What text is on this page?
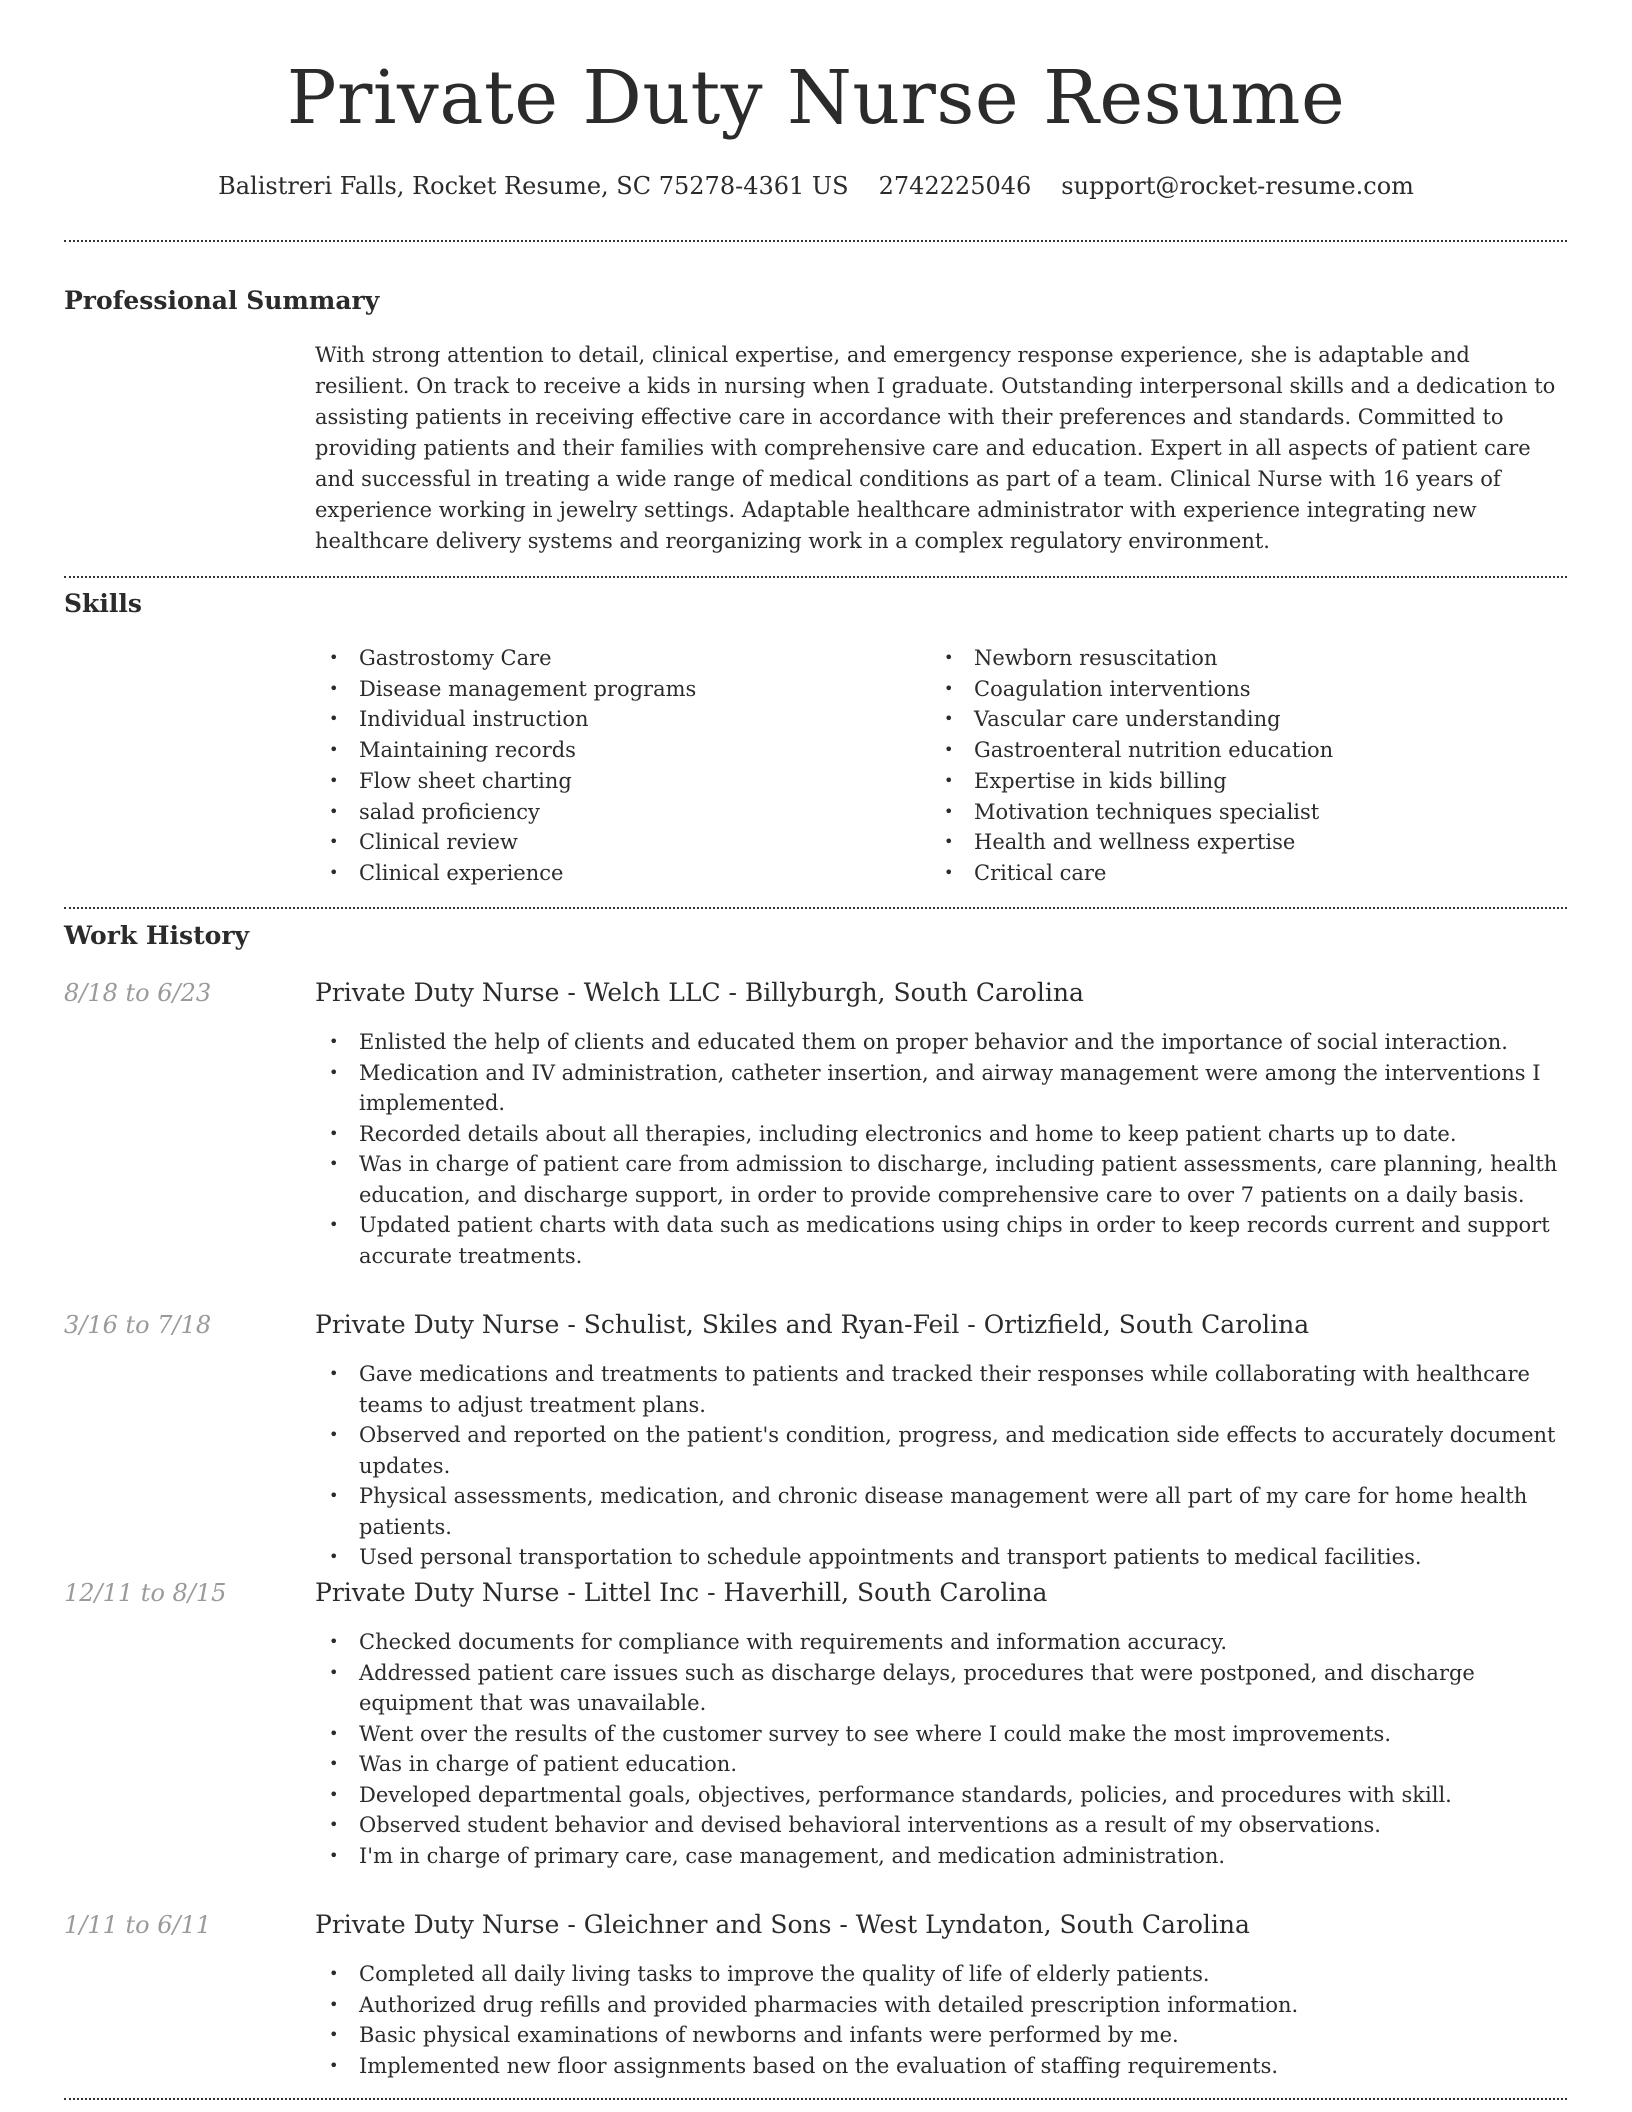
Private Duty Nurse Resume
Balistreri Falls, Rocket Resume, SC 75278-4361 US 2742225046 support@rocket-resume.com
Professional Summary

With strong attention to detail, clinical expertise, and emergency response experience, she is adaptable and resilient. On track to receive a kids in nursing when I graduate. Outstanding interpersonal skills and a dedication to assisting patients in receiving effective care in accordance with their preferences and standards. Committed to providing patients and their families with comprehensive care and education. Expert in all aspects of patient care and successful in treating a wide range of medical conditions as part of a team. Clinical Nurse with 16 years of experience working in jewelry settings. Adaptable healthcare administrator with experience integrating new healthcare delivery systems and reorganizing work in a complex regulatory environment.

Skills
• Gastrostomy Care
• Disease management programs
• Individual instruction
• Maintaining records
• Flow sheet charting
• salad proficiency
• Clinical review
• Clinical experience
• Newborn resuscitation
• Coagulation interventions
• Vascular care understanding
• Gastroenteral nutrition education
• Expertise in kids billing
• Motivation techniques specialist
• Health and wellness expertise
• Critical care
Work History
8/18 to 6/23	Private Duty Nurse - Welch LLC - Billyburgh, South Carolina
• Enlisted the help of clients and educated them on proper behavior and the importance of social interaction.
• Medication and IV administration, catheter insertion, and airway management were among the interventions I implemented.
• Recorded details about all therapies, including electronics and home to keep patient charts up to date.
• Was in charge of patient care from admission to discharge, including patient assessments, care planning, health education, and discharge support, in order to provide comprehensive care to over 7 patients on a daily basis.
• Updated patient charts with data such as medications using chips in order to keep records current and support accurate treatments.
3/16 to 7/18	Private Duty Nurse - Schulist, Skiles and Ryan-Feil - Ortizfield, South Carolina
• Gave medications and treatments to patients and tracked their responses while collaborating with healthcare teams to adjust treatment plans.
• Observed and reported on the patient's condition, progress, and medication side effects to accurately document updates.
• Physical assessments, medication, and chronic disease management were all part of my care for home health patients.
• Used personal transportation to schedule appointments and transport patients to medical facilities.
12/11 to 8/15	Private Duty Nurse - Littel Inc - Haverhill, South Carolina
• Checked documents for compliance with requirements and information accuracy.
• Addressed patient care issues such as discharge delays, procedures that were postponed, and discharge equipment that was unavailable.
• Went over the results of the customer survey to see where I could make the most improvements.
• Was in charge of patient education.
• Developed departmental goals, objectives, performance standards, policies, and procedures with skill.
• Observed student behavior and devised behavioral interventions as a result of my observations.
• I'm in charge of primary care, case management, and medication administration.
1/11 to 6/11	Private Duty Nurse - Gleichner and Sons - West Lyndaton, South Carolina
• Completed all daily living tasks to improve the quality of life of elderly patients.
• Authorized drug refills and provided pharmacies with detailed prescription information.
• Basic physical examinations of newborns and infants were performed by me.
• Implemented new floor assignments based on the evaluation of staffing requirements.
